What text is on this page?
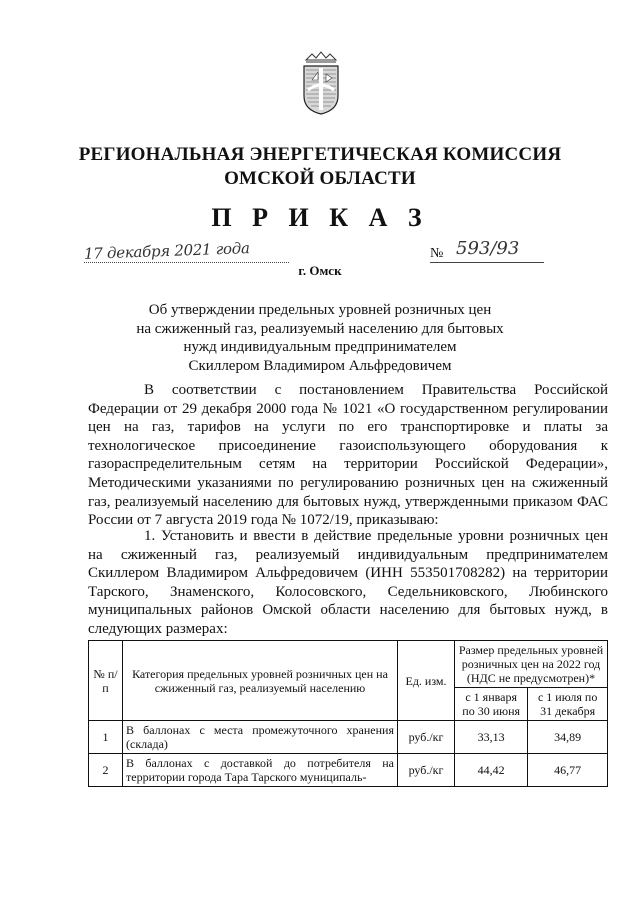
РЕГИОНАЛЬНАЯ ЭНЕРГЕТИЧЕСКАЯ КОМИССИЯ
ОМСКОЙ ОБЛАСТИ
П Р И К А З
17 декабря 2021 года	№ 593/93
г. Омск
Об утверждении предельных уровней розничных цен
на сжиженный газ, реализуемый населению для бытовых
нужд индивидуальным предпринимателем
Скиллером Владимиром Альфредовичем
В соответствии с постановлением Правительства Российской Федерации от 29 декабря 2000 года № 1021 «О государственном регулировании цен на газ, тарифов на услуги по его транспортировке и платы за технологическое присоединение газоиспользующего оборудования к газораспределительным сетям на территории Российской Федерации», Методическими указаниями по регулированию розничных цен на сжиженный газ, реализуемый населению для бытовых нужд, утвержденными приказом ФАС России от 7 августа 2019 года № 1072/19, приказываю:
1. Установить и ввести в действие предельные уровни розничных цен на сжиженный газ, реализуемый индивидуальным предпринимателем Скиллером Владимиром Альфредовичем (ИНН 553501708282) на территории Тарского, Знаменского, Колосовского, Седельниковского, Любинского муниципальных районов Омской области населению для бытовых нужд, в следующих размерах:
№ п/п	Категория предельных уровней розничных цен на сжиженный газ, реализуемый населению	Ед. изм.	Размер предельных уровней розничных цен на 2022 год (НДС не предусмотрен)*	
			с 1 января по 30 июня	с 1 июля по 31 декабря
1	В баллонах с места промежуточного хранения (склада)	руб./кг	33,13	34,89
2	В баллонах с доставкой до потребителя на территории города Тара Тарского муниципаль-	руб./кг	44,42	46,77
